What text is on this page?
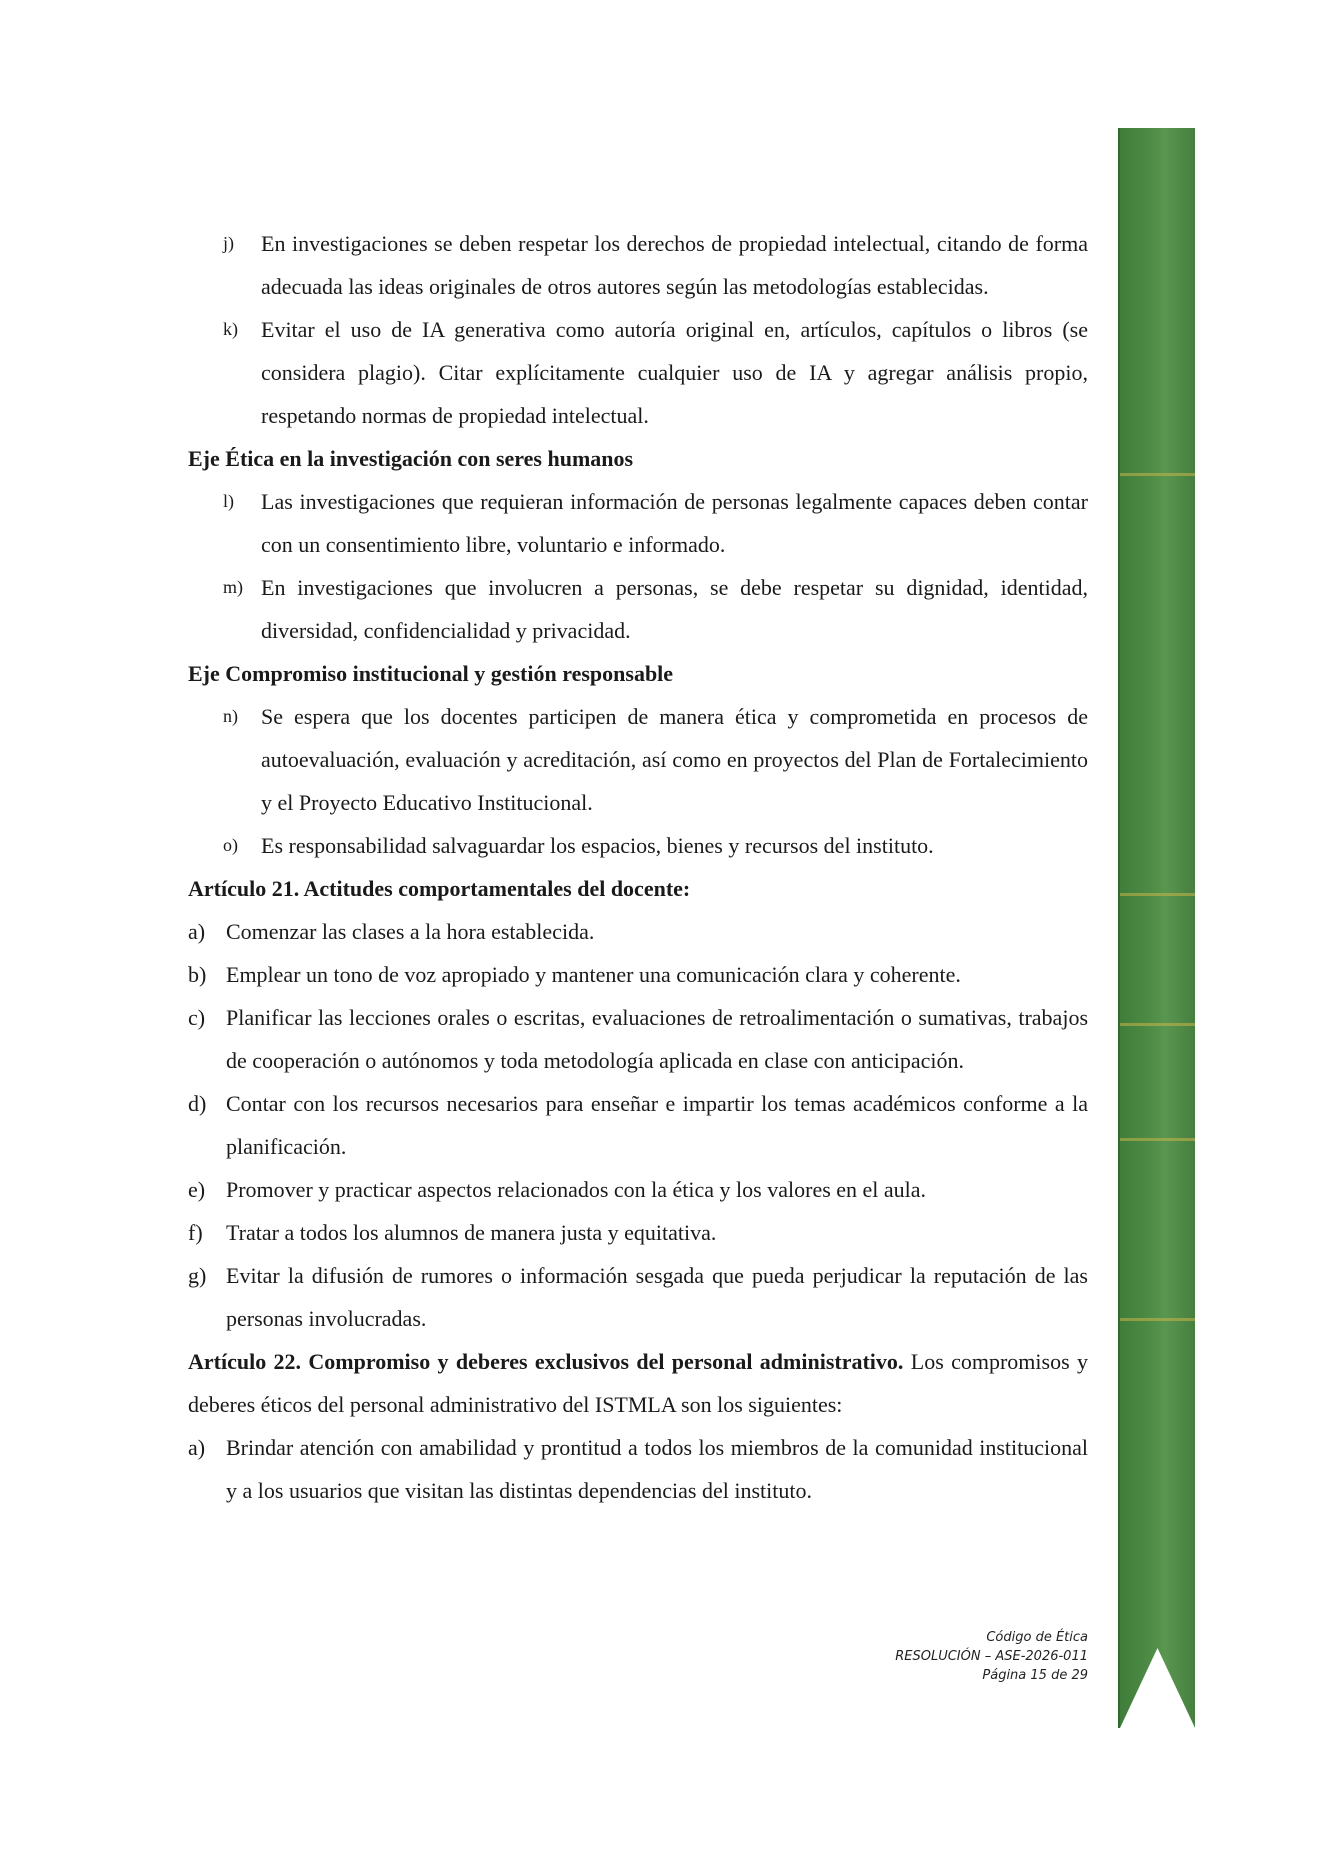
j) En investigaciones se deben respetar los derechos de propiedad intelectual, citando de forma adecuada las ideas originales de otros autores según las metodologías establecidas.

k) Evitar el uso de IA generativa como autoría original en, artículos, capítulos o libros (se considera plagio). Citar explícitamente cualquier uso de IA y agregar análisis propio, respetando normas de propiedad intelectual.

Eje Ética en la investigación con seres humanos

l) Las investigaciones que requieran información de personas legalmente capaces deben contar con un consentimiento libre, voluntario e informado.

m) En investigaciones que involucren a personas, se debe respetar su dignidad, identidad, diversidad, confidencialidad y privacidad.

Eje Compromiso institucional y gestión responsable

n) Se espera que los docentes participen de manera ética y comprometida en procesos de autoevaluación, evaluación y acreditación, así como en proyectos del Plan de Fortalecimiento y el Proyecto Educativo Institucional.

o) Es responsabilidad salvaguardar los espacios, bienes y recursos del instituto.

Artículo 21. Actitudes comportamentales del docente:

a) Comenzar las clases a la hora establecida.

b) Emplear un tono de voz apropiado y mantener una comunicación clara y coherente.

c) Planificar las lecciones orales o escritas, evaluaciones de retroalimentación o sumativas, trabajos de cooperación o autónomos y toda metodología aplicada en clase con anticipación.

d) Contar con los recursos necesarios para enseñar e impartir los temas académicos conforme a la planificación.

e) Promover y practicar aspectos relacionados con la ética y los valores en el aula.

f) Tratar a todos los alumnos de manera justa y equitativa.

g) Evitar la difusión de rumores o información sesgada que pueda perjudicar la reputación de las personas involucradas.

Artículo 22. Compromiso y deberes exclusivos del personal administrativo. Los compromisos y deberes éticos del personal administrativo del ISTMLA son los siguientes:

a) Brindar atención con amabilidad y prontitud a todos los miembros de la comunidad institucional y a los usuarios que visitan las distintas dependencias del instituto.

Código de Ética
RESOLUCIÓN – ASE-2026-011
Página 15 de 29
